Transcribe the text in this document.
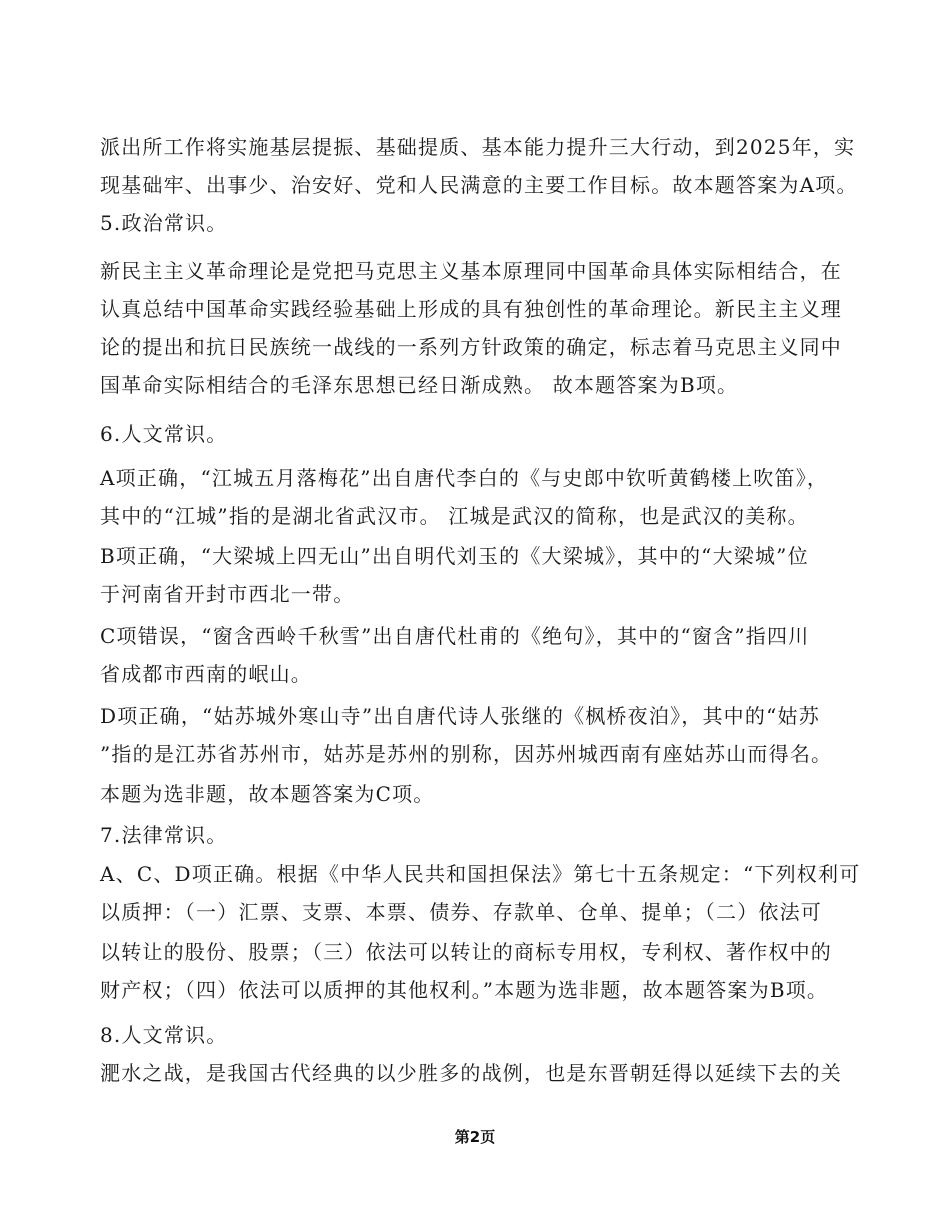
派出所工作将实施基层提振、基础提质、基本能力提升三大行动，到2025年，实
现基础牢、出事少、治安好、党和人民满意的主要工作目标。故本题答案为A项。
5.政治常识。
新民主主义革命理论是党把马克思主义基本原理同中国革命具体实际相结合，在
认真总结中国革命实践经验基础上形成的具有独创性的革命理论。新民主主义理
论的提出和抗日民族统一战线的一系列方针政策的确定，标志着马克思主义同中
国革命实际相结合的毛泽东思想已经日渐成熟。 故本题答案为B项。
6.人文常识。
A项正确，“江城五月落梅花”出自唐代李白的《与史郎中钦听黄鹤楼上吹笛》，
其中的“江城”指的是湖北省武汉市。 江城是武汉的简称，也是武汉的美称。
B项正确，“大梁城上四无山”出自明代刘玉的《大梁城》，其中的“大梁城”位
于河南省开封市西北一带。
C项错误，“窗含西岭千秋雪”出自唐代杜甫的《绝句》，其中的“窗含”指四川
省成都市西南的岷山。
D项正确，“姑苏城外寒山寺”出自唐代诗人张继的《枫桥夜泊》，其中的“姑苏
”指的是江苏省苏州市，姑苏是苏州的别称，因苏州城西南有座姑苏山而得名。
本题为选非题，故本题答案为C项。
7.法律常识。
A、C、D项正确。根据《中华人民共和国担保法》第七十五条规定：“下列权利可
以质押：（一）汇票、支票、本票、债券、存款单、仓单、提单；（二）依法可
以转让的股份、股票；（三）依法可以转让的商标专用权，专利权、著作权中的
财产权；（四）依法可以质押的其他权利。”本题为选非题，故本题答案为B项。
8.人文常识。
淝水之战，是我国古代经典的以少胜多的战例，也是东晋朝廷得以延续下去的关
第2页
